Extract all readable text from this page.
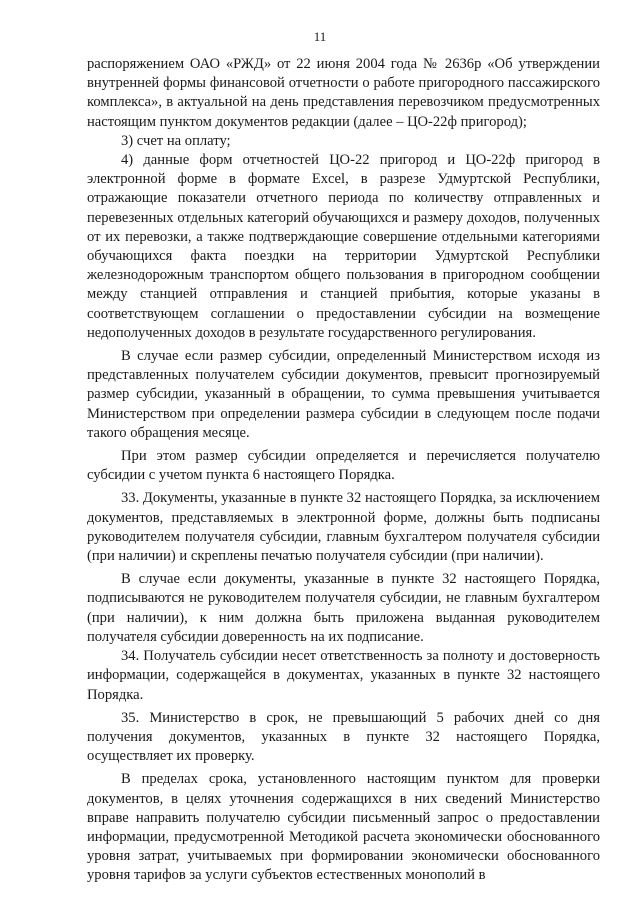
11

распоряжением ОАО «РЖД» от 22 июня 2004 года № 2636р «Об утверждении внутренней формы финансовой отчетности о работе пригородного пассажирского комплекса», в актуальной на день представления перевозчиком предусмотренных настоящим пунктом документов редакции (далее – ЦО-22ф пригород);

3) счет на оплату;

4) данные форм отчетностей ЦО-22 пригород и ЦО-22ф пригород в электронной форме в формате Excel, в разрезе Удмуртской Республики, отражающие показатели отчетного периода по количеству отправленных и перевезенных отдельных категорий обучающихся и размеру доходов, полученных от их перевозки, а также подтверждающие совершение отдельными категориями обучающихся факта поездки на территории Удмуртской Республики железнодорожным транспортом общего пользования в пригородном сообщении между станцией отправления и станцией прибытия, которые указаны в соответствующем соглашении о предоставлении субсидии на возмещение недополученных доходов в результате государственного регулирования.

В случае если размер субсидии, определенный Министерством исходя из представленных получателем субсидии документов, превысит прогнозируемый размер субсидии, указанный в обращении, то сумма превышения учитывается Министерством при определении размера субсидии в следующем после подачи такого обращения месяце.

При этом размер субсидии определяется и перечисляется получателю субсидии с учетом пункта 6 настоящего Порядка.

33. Документы, указанные в пункте 32 настоящего Порядка, за исключением документов, представляемых в электронной форме, должны быть подписаны руководителем получателя субсидии, главным бухгалтером получателя субсидии (при наличии) и скреплены печатью получателя субсидии (при наличии).

В случае если документы, указанные в пункте 32 настоящего Порядка, подписываются не руководителем получателя субсидии, не главным бухгалтером (при наличии), к ним должна быть приложена выданная руководителем получателя субсидии доверенность на их подписание.

34. Получатель субсидии несет ответственность за полноту и достоверность информации, содержащейся в документах, указанных в пункте 32 настоящего Порядка.

35. Министерство в срок, не превышающий 5 рабочих дней со дня получения документов, указанных в пункте 32 настоящего Порядка, осуществляет их проверку.

В пределах срока, установленного настоящим пунктом для проверки документов, в целях уточнения содержащихся в них сведений Министерство вправе направить получателю субсидии письменный запрос о предоставлении информации, предусмотренной Методикой расчета экономически обоснованного уровня затрат, учитываемых при формировании экономически обоснованного уровня тарифов за услуги субъектов естественных монополий в
